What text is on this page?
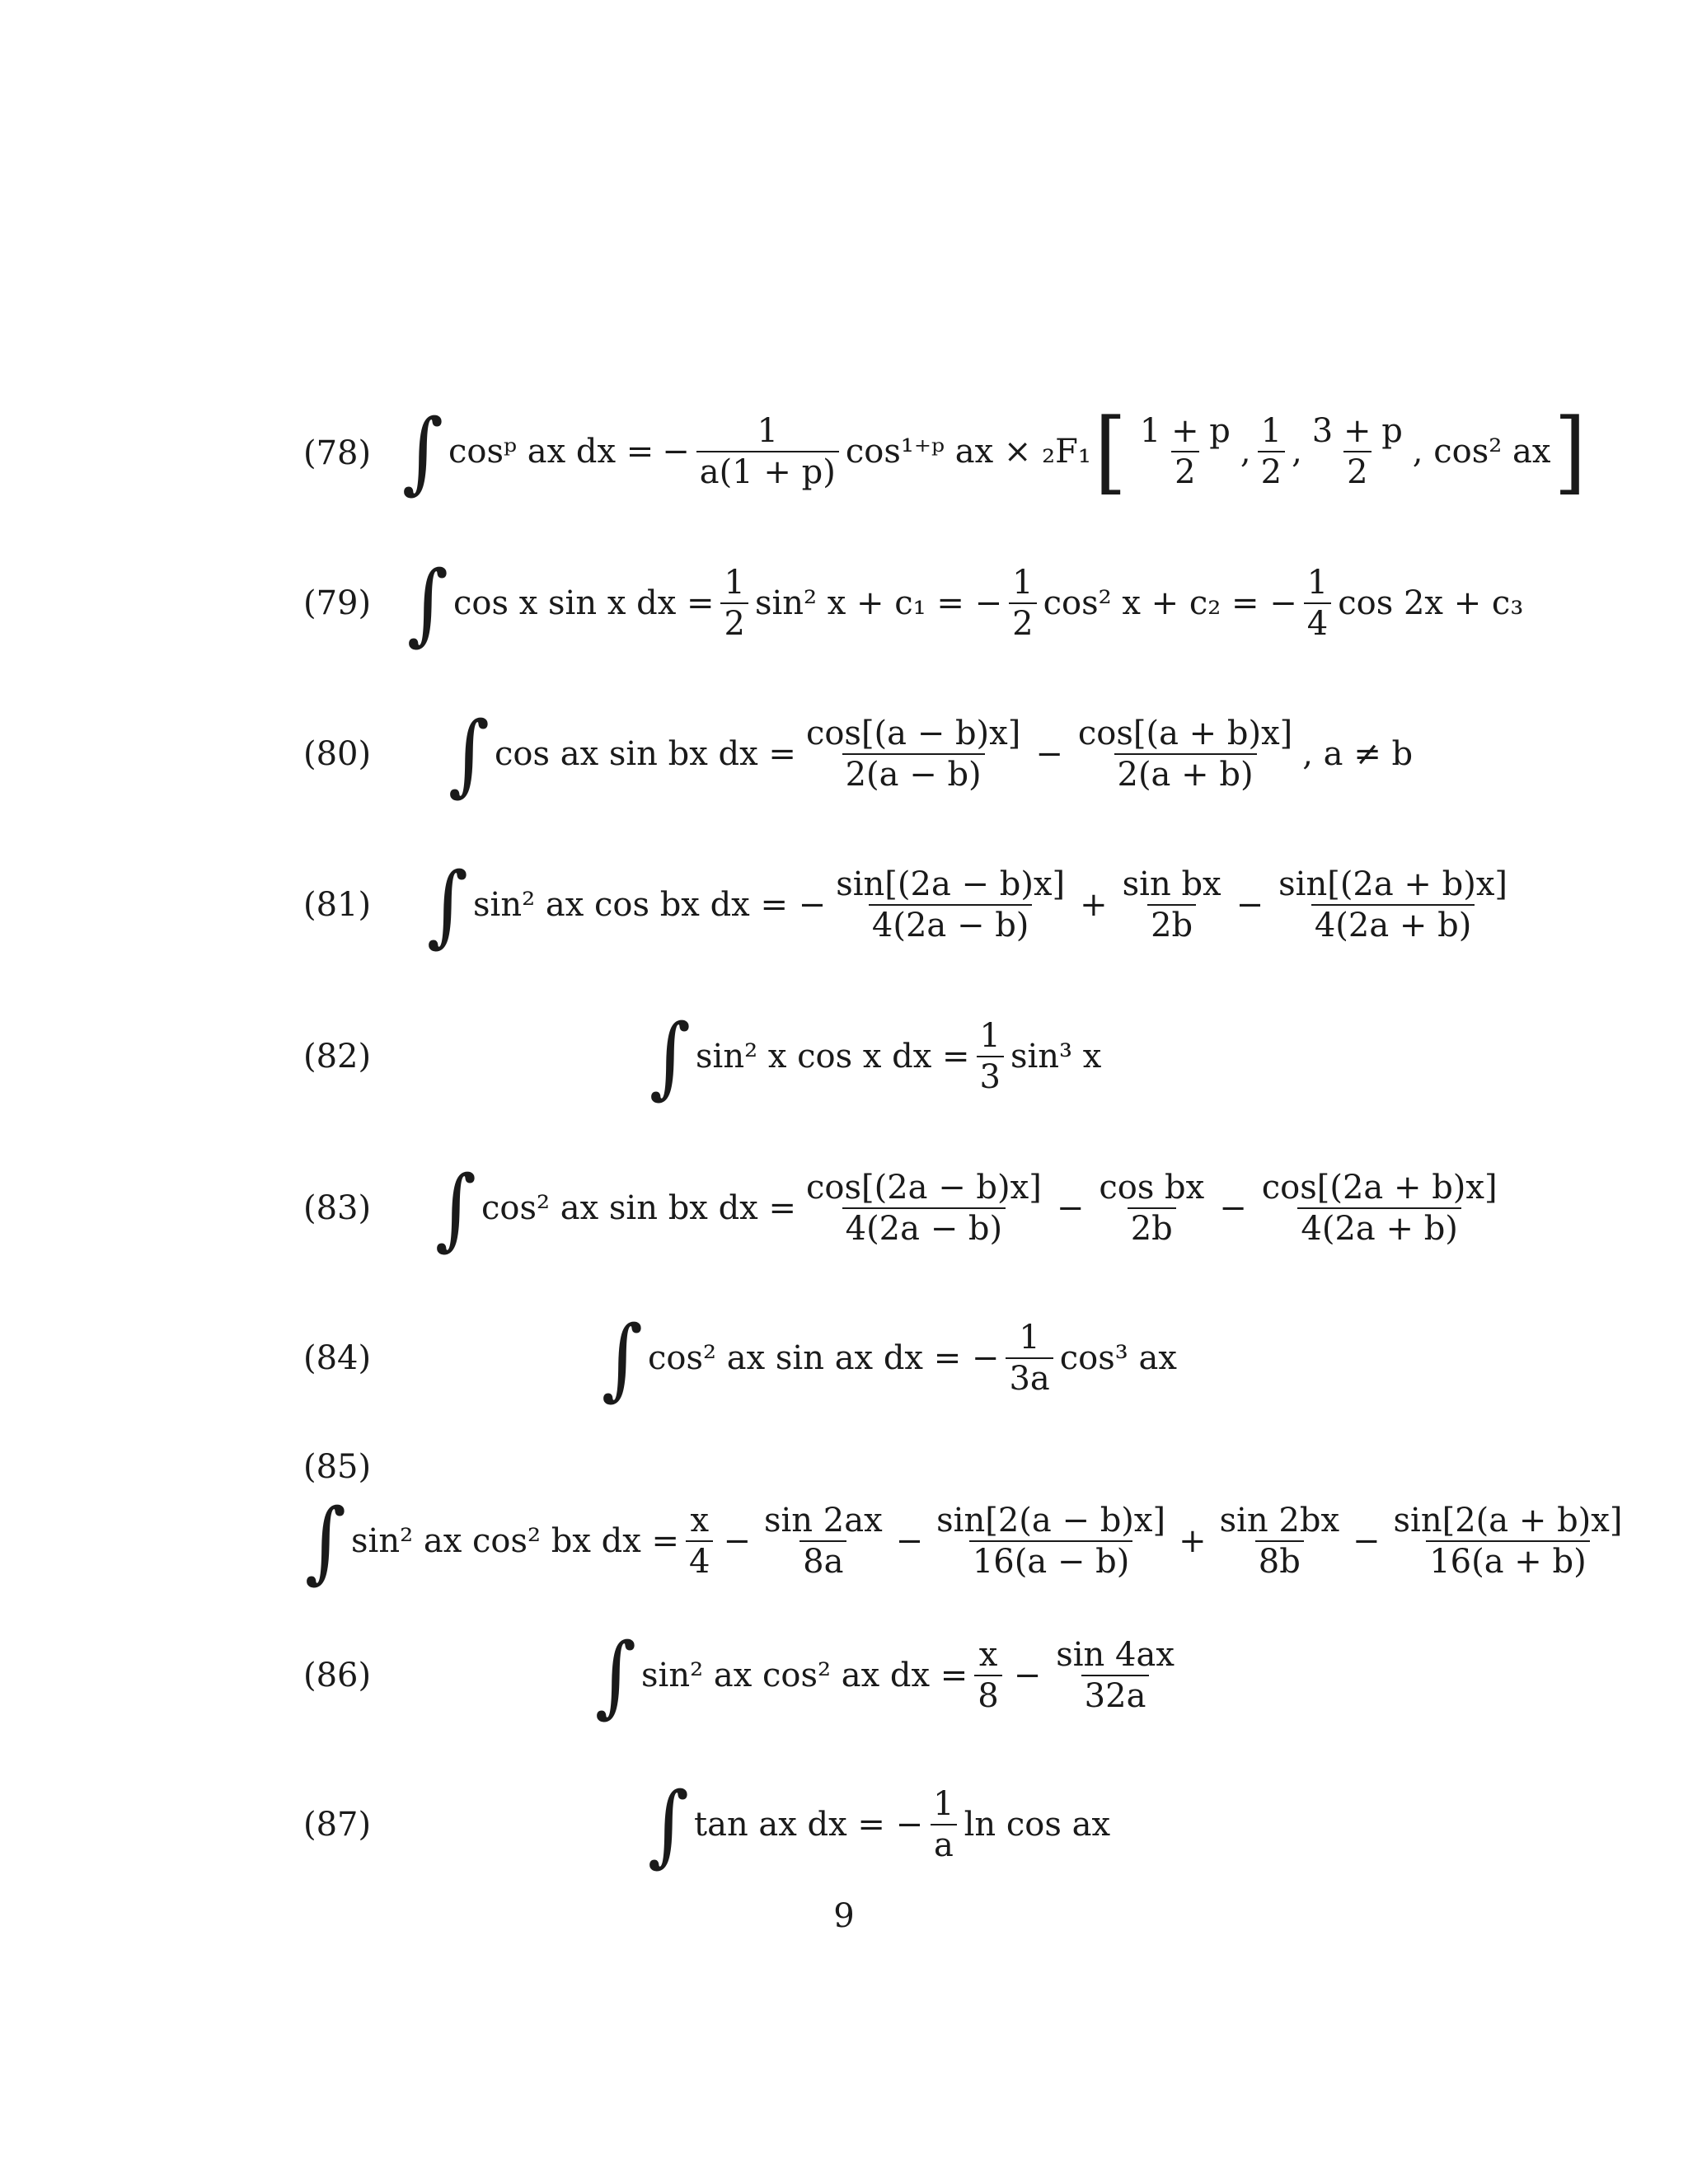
(78) ∫ cosᵖ ax dx = − $\frac{1}{a(1 + p)}$ cos¹⁺ᵖ ax × ₂F₁ [ $\frac{1 + p}{2}$ , $\frac{1}{2}$ , $\frac{3 + p}{2}$ , cos² ax ]
(79) ∫ cos x sin x dx = $\frac{1}{2} \sin^2$ x + c₁ = − $\frac{1}{2} \cos^2$ x + c₂ = − $\frac{1}{4}$ cos 2x + c₃
(80) ∫ cos ax sin bx dx = $\frac{\cos[(a - b)x]}{2(a - b)} - \frac{\cos[(a + b)x]}{2(a + b)}$ , a ≠ b
(81) ∫ sin² ax cos bx dx = − $\frac{\sin[(2a - b)x]}{4(2a - b)} + \frac{\text{sin bx}}{2b} - \frac{\sin[(2a + b)x]}{4(2a + b)}$
(82)	∫ sin² x cos x dx = $\frac{1}{3} \sin^3$ x
(83) ∫ cos² ax sin bx dx = $\frac{\cos[(2a - b)x]}{4(2a - b)} - \frac{\text{cos bx}}{2b} - \frac{\cos[(2a + b)x]}{4(2a + b)}$
(84)	∫ cos² ax sin ax dx = − $\frac{1}{3a} \cos^3$ ax
(85)
∫ sin² ax cos² bx dx = $\frac{x}{4} - \frac{\sin 2ax}{8a} - \frac{\sin[2(a - b)x]}{16(a - b)} + \frac{\sin 2bx}{8b} - \frac{\sin[2(a + b)x]}{16(a + b)}$
(86)	∫ sin² ax cos² ax dx = $\frac{x}{8} - \frac{\sin 4ax}{32a}$
(87)	∫ tan ax dx = − $\frac{1}{a}$ ln cos ax
9
